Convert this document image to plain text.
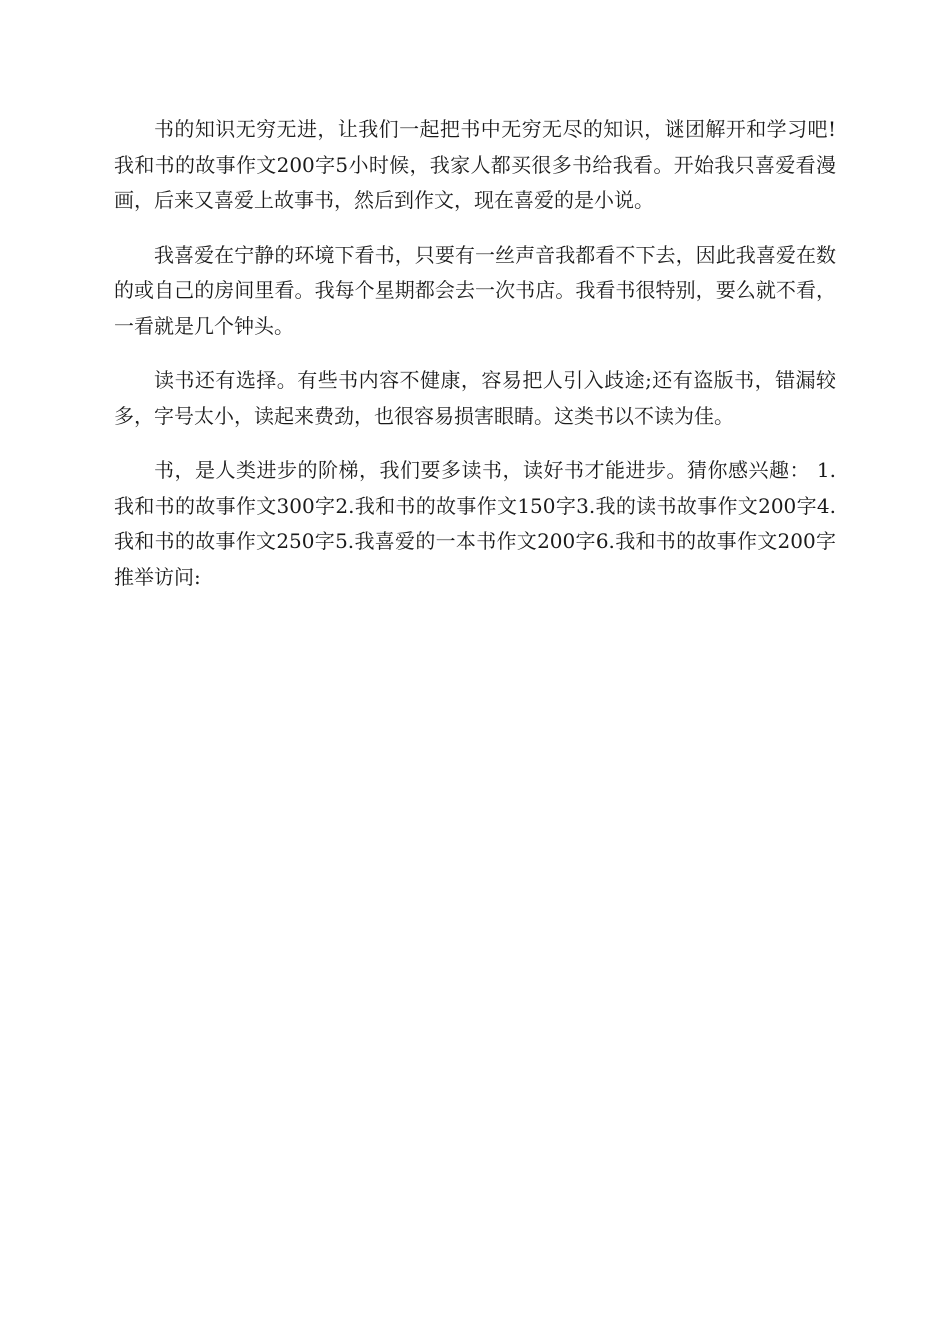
书的知识无穷无进，让我们一起把书中无穷无尽的知识，谜团解开和学习吧!我和书的故事作文200字5小时候，我家人都买很多书给我看。开始我只喜爱看漫画，后来又喜爱上故事书，然后到作文，现在喜爱的是小说。

我喜爱在宁静的环境下看书，只要有一丝声音我都看不下去，因此我喜爱在数的或自己的房间里看。我每个星期都会去一次书店。我看书很特别，要么就不看，一看就是几个钟头。

读书还有选择。有些书内容不健康，容易把人引入歧途;还有盗版书，错漏较多，字号太小，读起来费劲，也很容易损害眼睛。这类书以不读为佳。

书，是人类进步的阶梯，我们要多读书，读好书才能进步。猜你感兴趣： 1.我和书的故事作文300字2.我和书的故事作文150字3.我的读书故事作文200字4.我和书的故事作文250字5.我喜爱的一本书作文200字6.我和书的故事作文200字推举访问:
